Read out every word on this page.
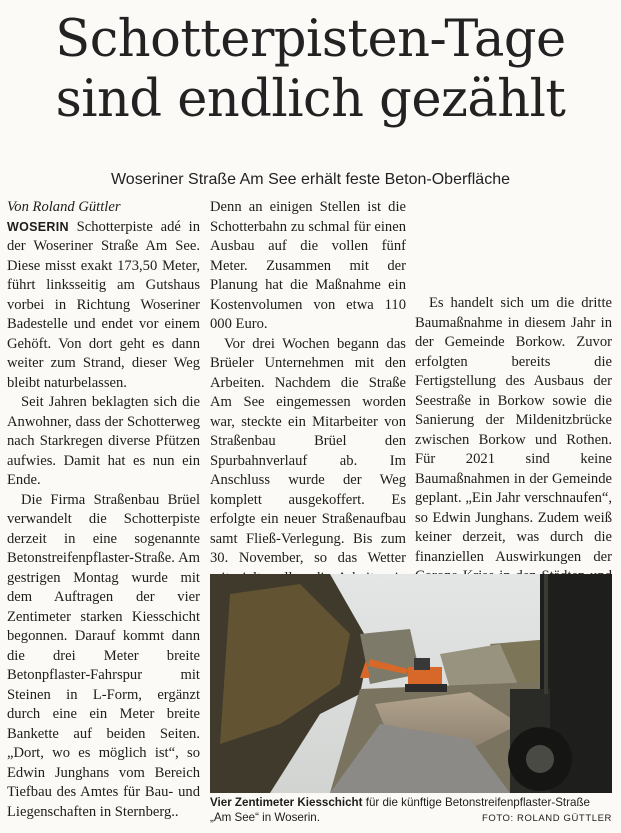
Schotterpisten-Tage
sind endlich gezählt
Woseriner Straße Am See erhält feste Beton-Oberfläche

Von Roland Güttler

WOSERIN Schotterpiste adé in der Woseriner Straße Am See. Diese misst exakt 173,50 Meter, führt linksseitig am Gutshaus vorbei in Richtung Woseriner Badestelle und endet vor einem Gehöft. Von dort geht es dann weiter zum Strand, dieser Weg bleibt naturbelassen.

Seit Jahren beklagten sich die Anwohner, dass der Schotterweg nach Starkregen diverse Pfützen aufwies. Damit hat es nun ein Ende.

Die Firma Straßenbau Brüel verwandelt die Schotterpiste derzeit in eine sogenannte Betonstreifenpflaster-Straße. Am gestrigen Montag wurde mit dem Auftragen der vier Zentimeter starken Kiesschicht begonnen. Darauf kommt dann die drei Meter breite Betonpflaster-Fahrspur mit Steinen in L-Form, ergänzt durch eine ein Meter breite Bankette auf beiden Seiten. „Dort, wo es möglich ist“, so Edwin Junghans vom Bereich Tiefbau des Amtes für Bau- und Liegenschaften in Sternberg..

Denn an einigen Stellen ist die Schotterbahn zu schmal für einen Ausbau auf die vollen fünf Meter. Zusammen mit der Planung hat die Maßnahme ein Kostenvolumen von etwa 110 000 Euro.

Vor drei Wochen begann das Brüeler Unternehmen mit den Arbeiten. Nachdem die Straße Am See eingemessen worden war, steckte ein Mitarbeiter von Straßenbau Brüel den Spurbahnverlauf ab. Im Anschluss wurde der Weg komplett ausgekoffert. Es erfolgte ein neuer Straßenaufbau samt Fließ-Verlegung. Bis zum 30. November, so das Wetter

Es handelt sich um die dritte Baumaßnahme in diesem Jahr in der Gemeinde Borkow. Zuvor erfolgten bereits die Fertigstellung des Ausbaus der Seestraße in Borkow sowie die Sanierung der Mildenitzbrücke zwischen Borkow und Rothen. Für 2021 sind keine Baumaßnahmen in der Gemeinde geplant. „Ein Jahr verschnaufen“, so Edwin Junghans. Zudem weiß keiner derzeit, was durch die finanziellen Auswirkungen der

Vier Zentimeter Kiesschicht für die künftige Betonstreifenpflaster-Straße „Am See“ in Woserin.	FOTO: ROLAND GÜTTLER
